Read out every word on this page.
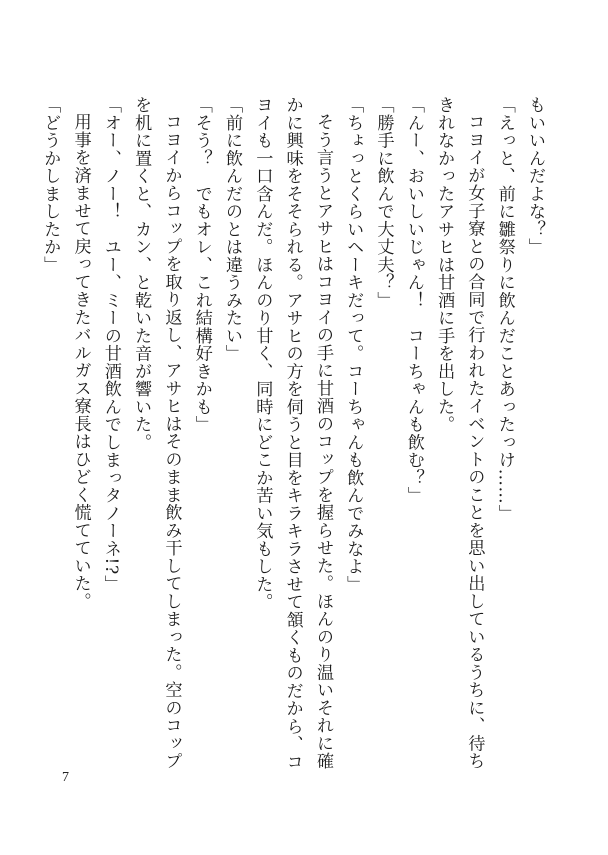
もいいんだよな？」
「えっと、前に雛祭りに飲んだことあったっけ……」
コヨイが女子寮との合同で行われたイベントのことを思い出しているうちに、待ち
きれなかったアサヒは甘酒に手を出した。
「んー、おいしいじゃん！　コーちゃんも飲む？」
「勝手に飲んで大丈夫？」
「ちょっとくらいヘーキだって。コーちゃんも飲んでみなよ」
そう言うとアサヒはコヨイの手に甘酒のコップを握らせた。ほんのり温いそれに確
かに興味をそそられる。アサヒの方を伺うと目をキラキラさせて頷くものだから、コ
ヨイも一口含んだ。ほんのり甘く、同時にどこか苦い気もした。
「前に飲んだのとは違うみたい」
「そう？　でもオレ、これ結構好きかも」
コヨイからコップを取り返し、アサヒはそのまま飲み干してしまった。空のコップ
を机に置くと、カン、と乾いた音が響いた。
「オー、ノー！　ユー、ミーの甘酒飲んでしまっタノーネ!?」
用事を済ませて戻ってきたバルガス寮長はひどく慌てていた。
「どうかしましたか」
7
